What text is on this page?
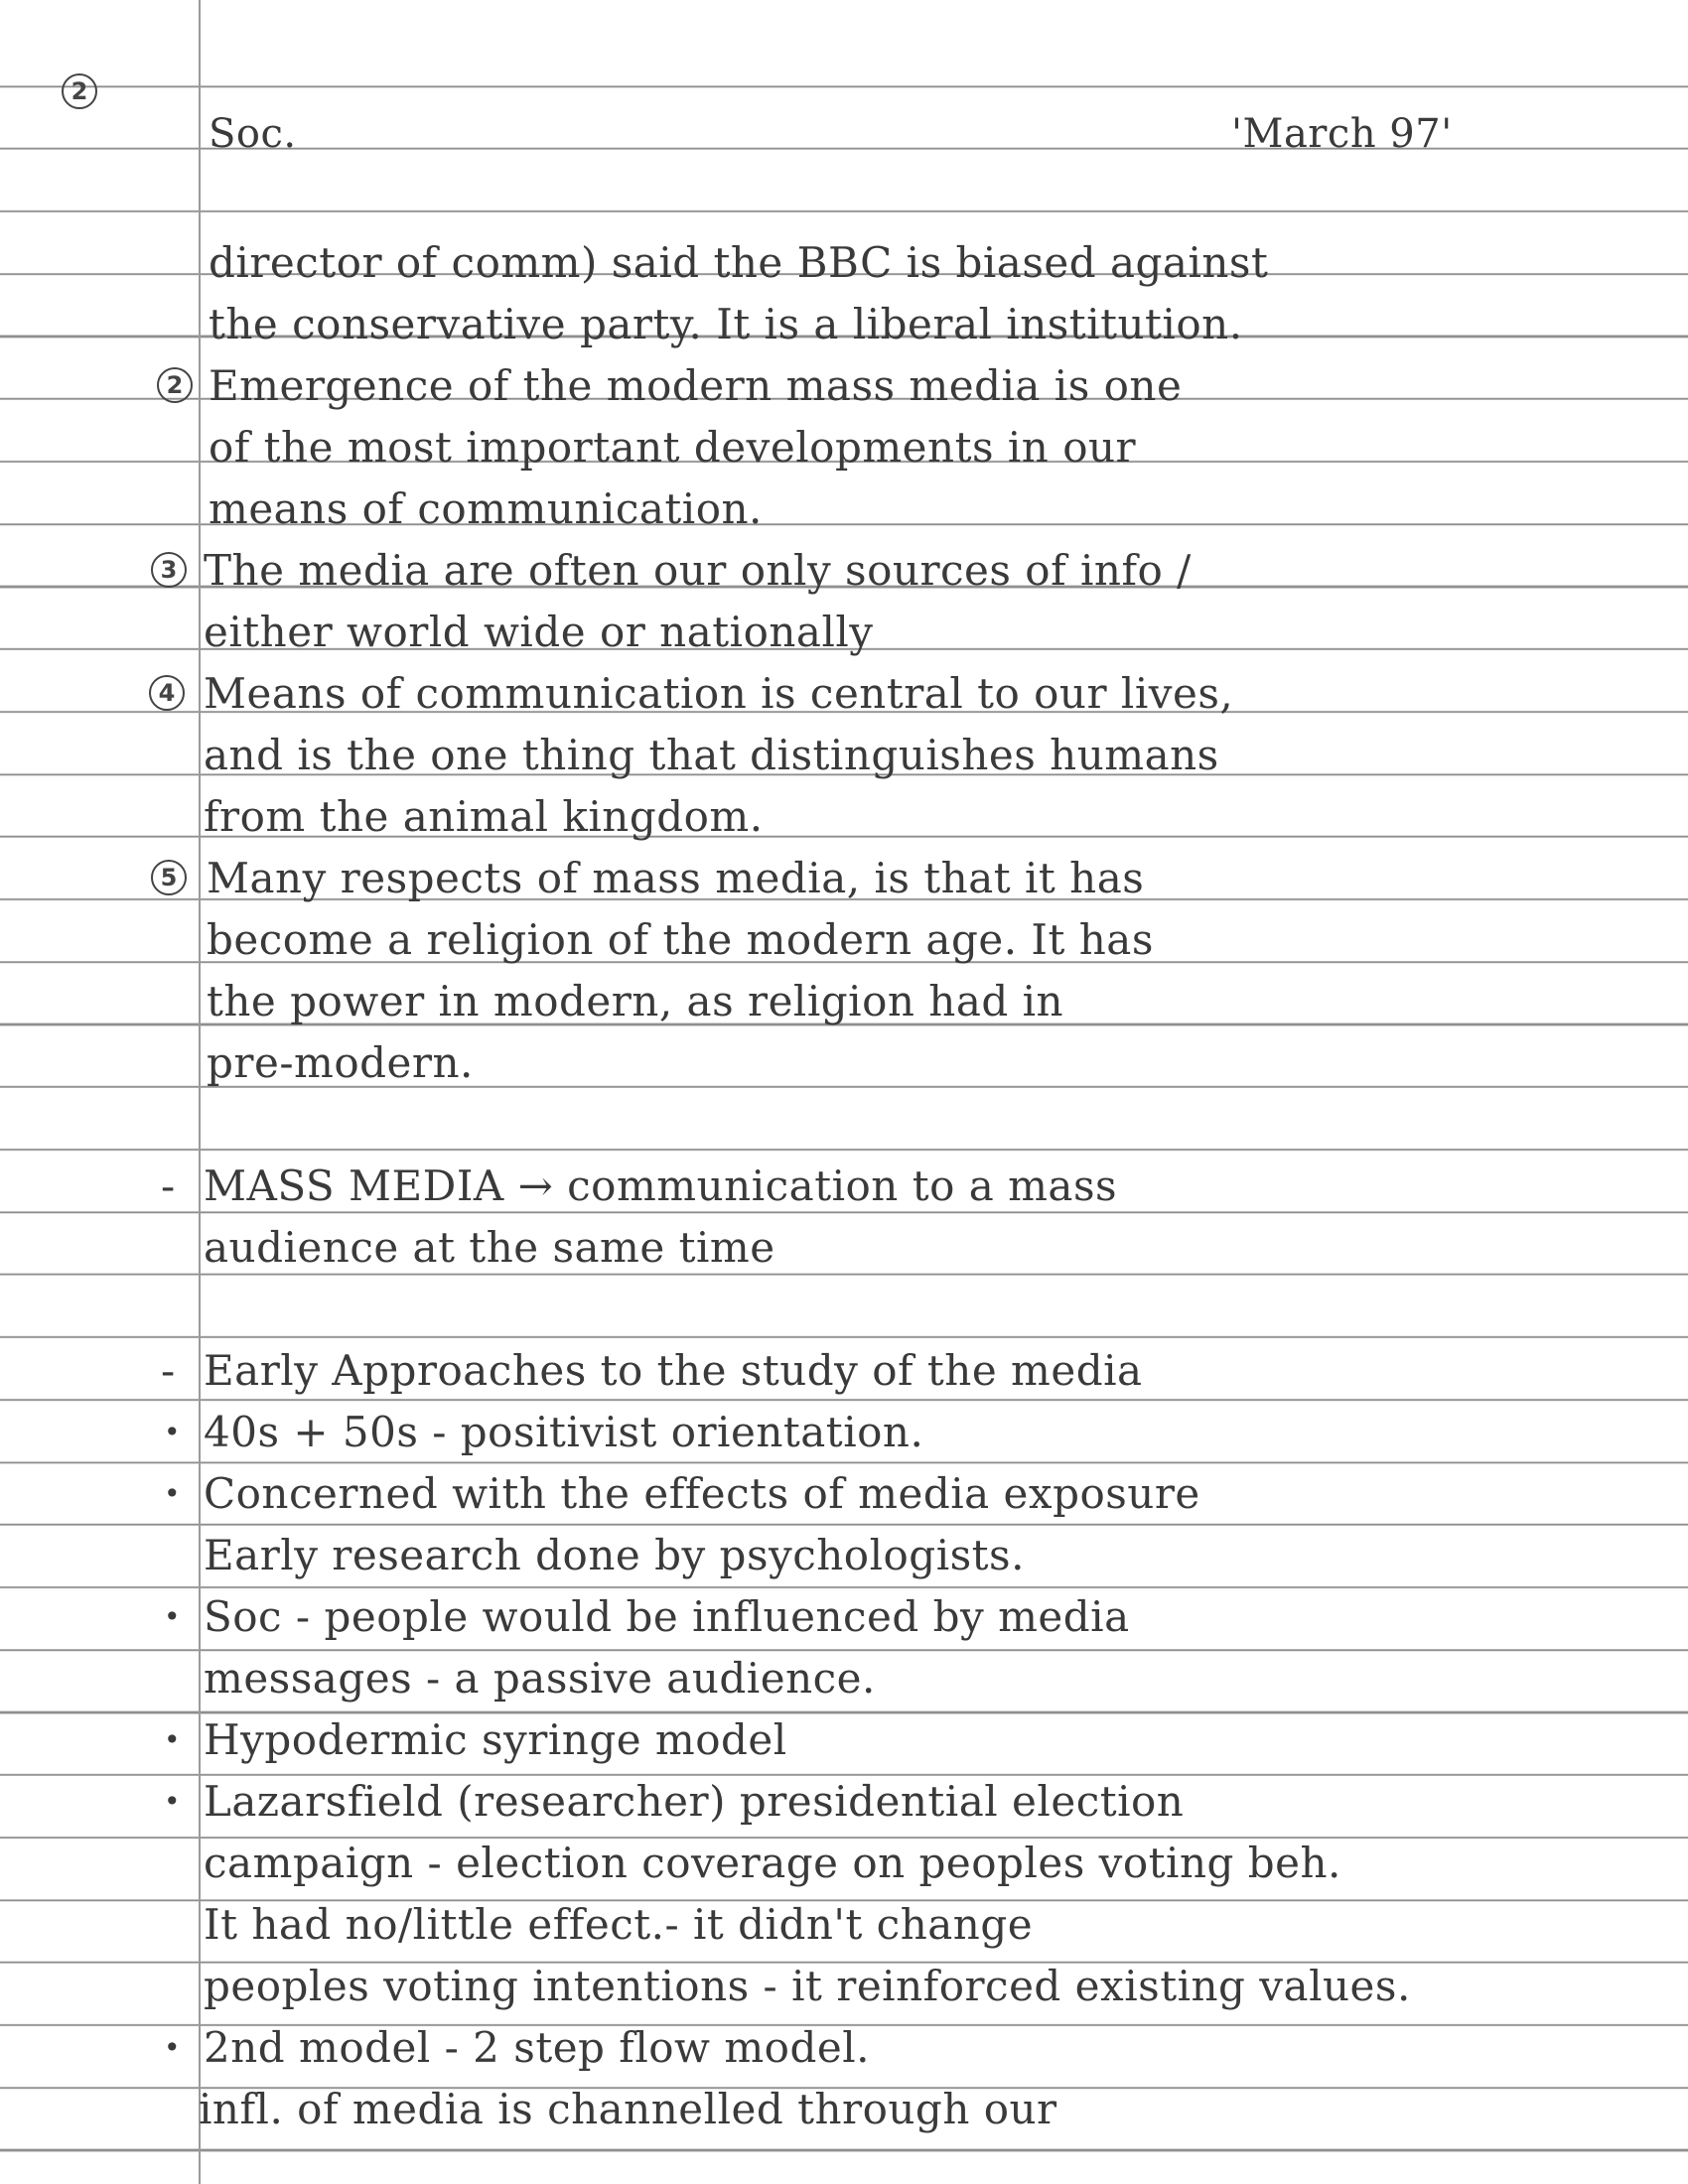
2
Soc.	'March 97'
director of comm) said the BBC is biased against
the conservative party. It is a liberal institution.
2 Emergence of the modern mass media is one
of the most important developments in our
means of communication.
3 The media are often our only sources of info /
either world wide or nationally
4 Means of communication is central to our lives,
and is the one thing that distinguishes humans
from the animal kingdom.
5 Many respects of mass media, is that it has
become a religion of the modern age. It has
the power in modern, as religion had in
pre-modern.
- MASS MEDIA → communication to a mass
audience at the same time
- Early Approaches to the study of the media
• 40s + 50s - positivist orientation.
• Concerned with the effects of media exposure
Early research done by psychologists.
• Soc - people would be influenced by media
messages - a passive audience.
• Hypodermic syringe model
• Lazarsfield (researcher) presidential election
campaign - election coverage on peoples voting beh.
It had no/little effect.- it didn't change
peoples voting intentions - it reinforced existing values.
• 2nd model - 2 step flow model.
infl. of media is channelled through our
